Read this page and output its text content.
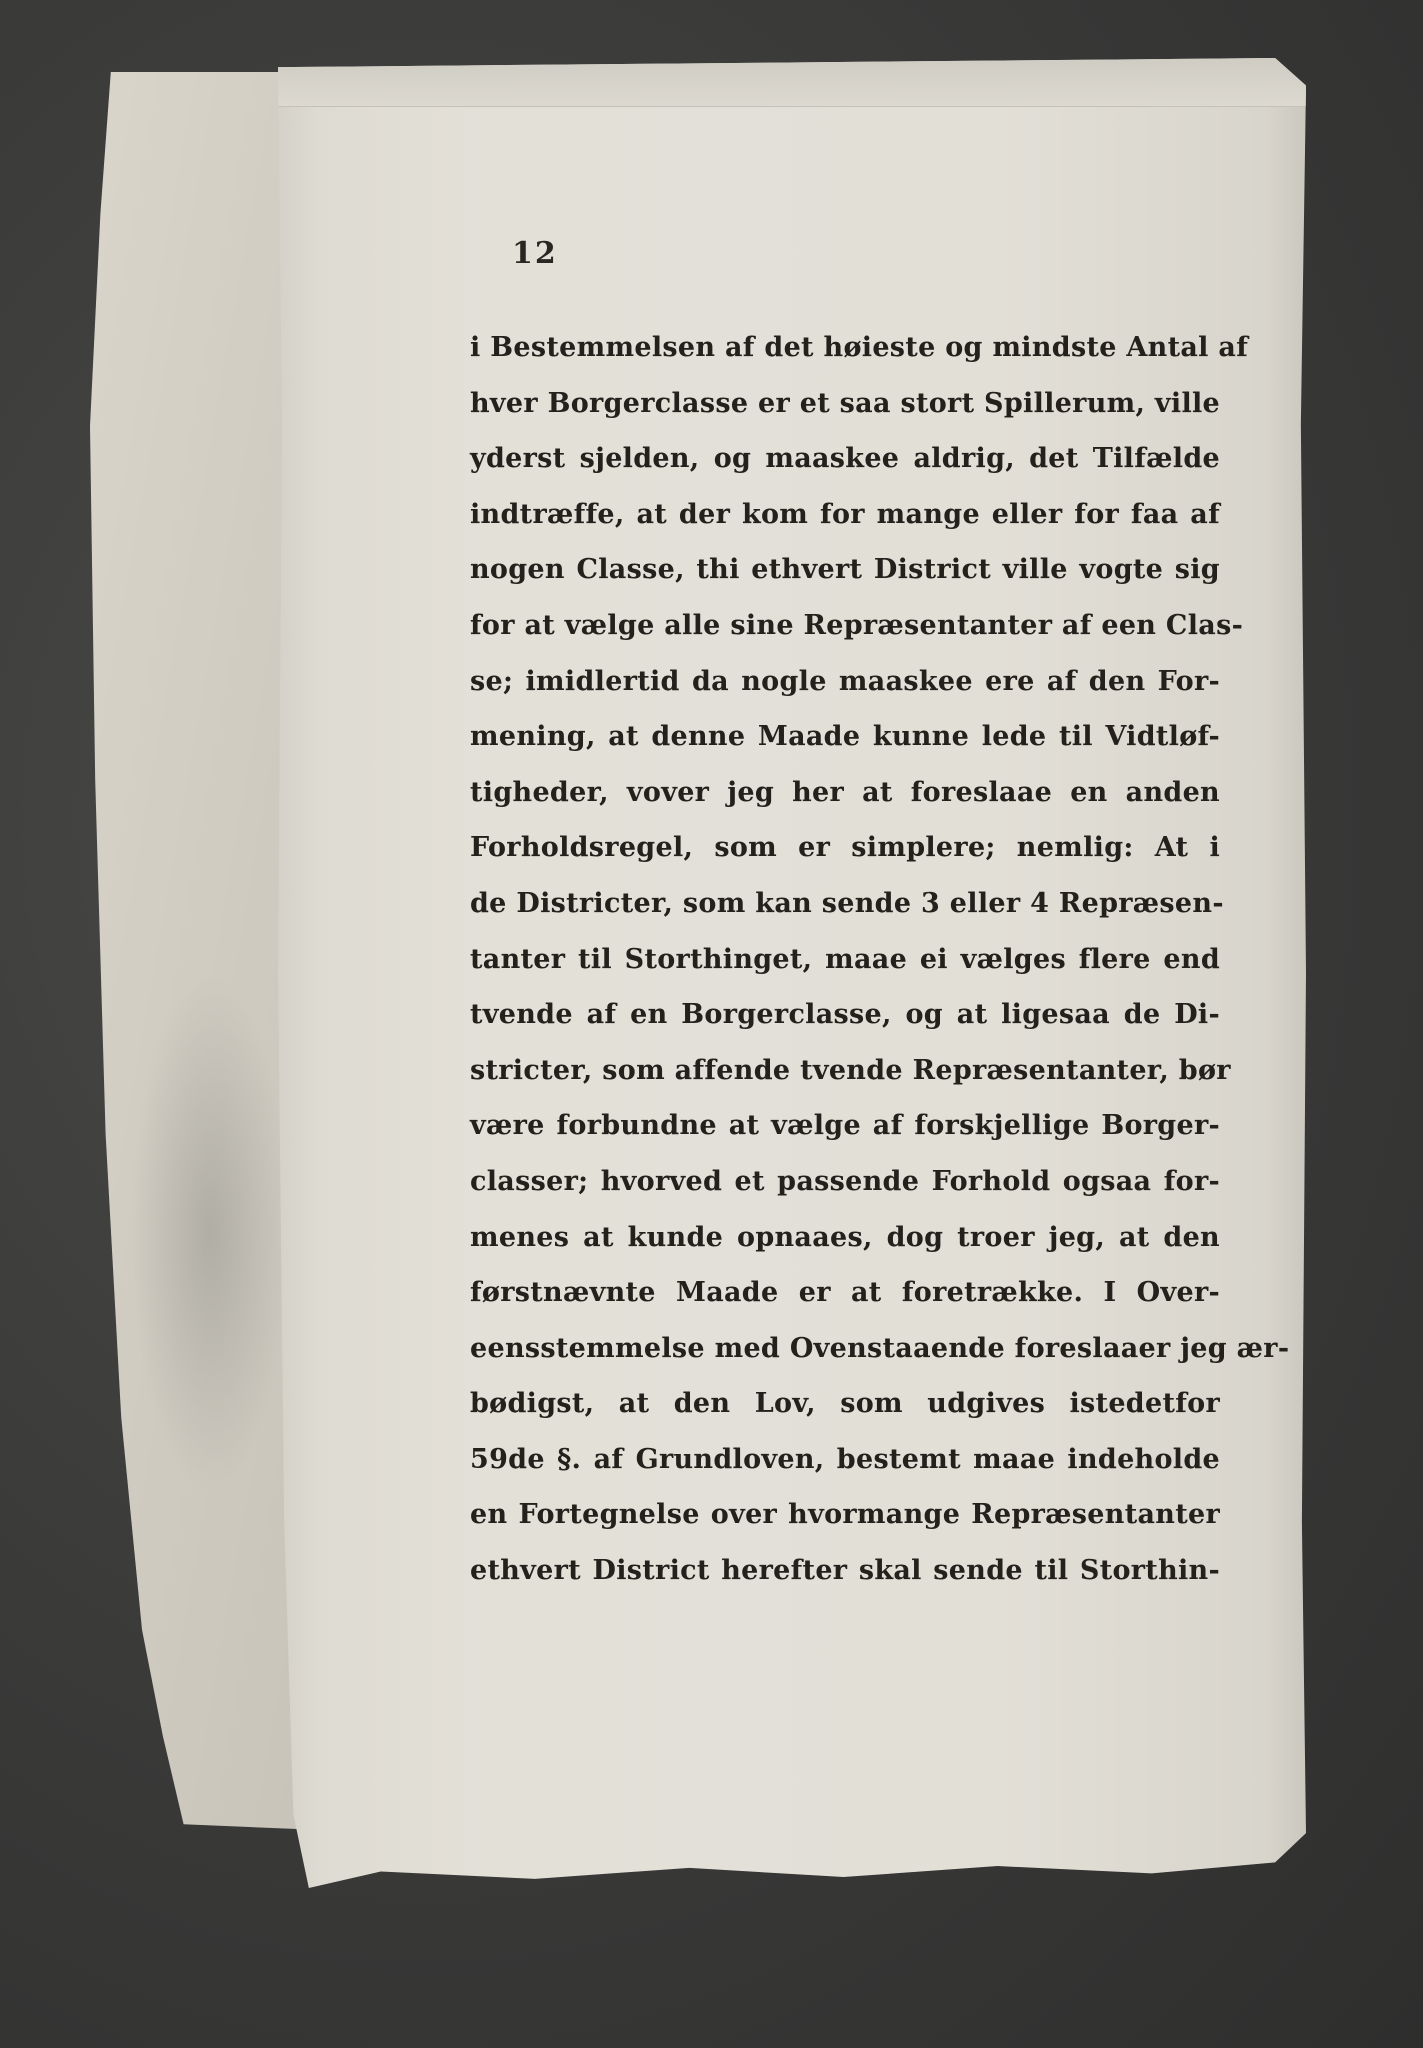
12
i Bestemmelsen af det høieste og mindste Antal af
hver Borgerclasse er et saa stort Spillerum, ville
yderst sjelden, og maaskee aldrig, det Tilfælde
indtræffe, at der kom for mange eller for faa af
nogen Classe, thi ethvert District ville vogte sig
for at vælge alle sine Repræsentanter af een Clas-
se; imidlertid da nogle maaskee ere af den For-
mening, at denne Maade kunne lede til Vidtløf-
tigheder, vover jeg her at foreslaae en anden
Forholdsregel, som er simplere; nemlig: At i
de Districter, som kan sende 3 eller 4 Repræsen-
tanter til Storthinget, maae ei vælges flere end
tvende af en Borgerclasse, og at ligesaa de Di-
stricter, som affende tvende Repræsentanter, bør
være forbundne at vælge af forskjellige Borger-
classer; hvorved et passende Forhold ogsaa for-
menes at kunde opnaaes, dog troer jeg, at den
førstnævnte Maade er at foretrække. I Over-
eensstemmelse med Ovenstaaende foreslaaer jeg ær-
bødigst, at den Lov, som udgives istedetfor
59de §. af Grundloven, bestemt maae indeholde
en Fortegnelse over hvormange Repræsentanter
ethvert District herefter skal sende til Storthin-
